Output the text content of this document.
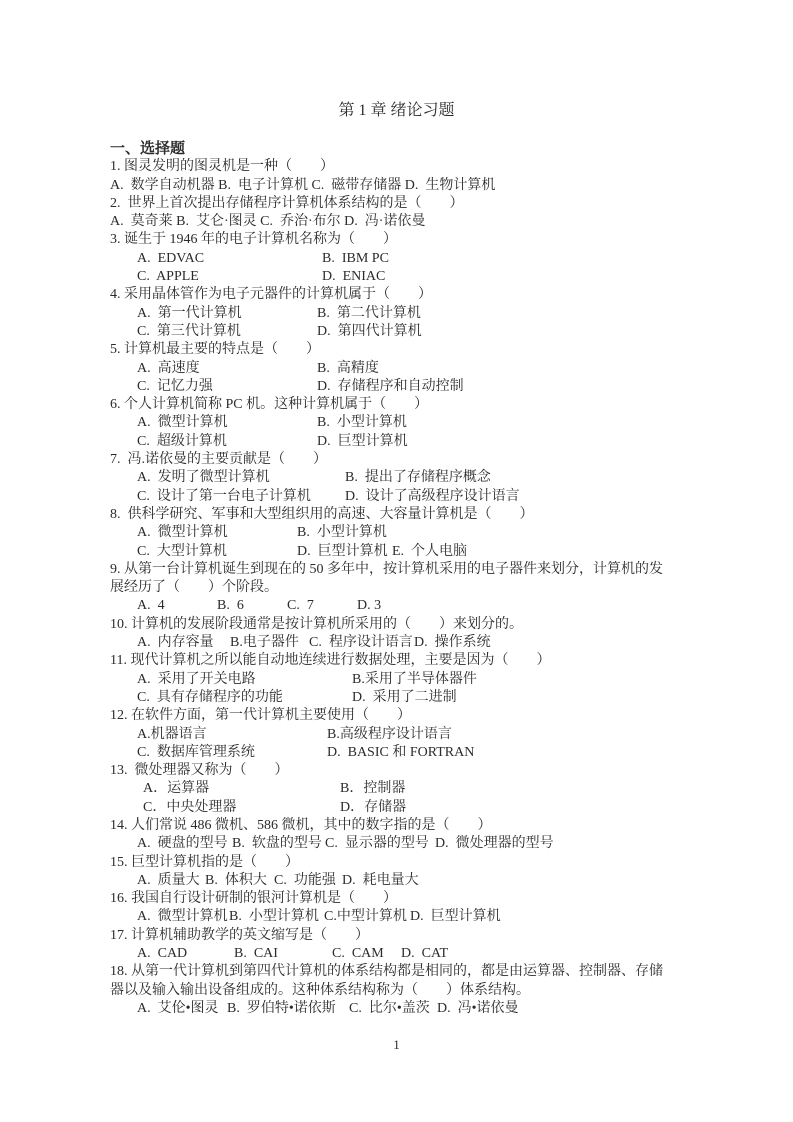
第 1 章 绪论习题
一、选择题
1. 图灵发明的图灵机是一种（　　）
A.  数学自动机器 B.  电子计算机 C.  磁带存储器 D.  生物计算机
2.  世界上首次提出存储程序计算机体系结构的是（　　）
A.  莫奇莱 B.  艾仑·图灵 C.  乔治·布尔 D.  冯·诺依曼
3. 诞生于 1946 年的电子计算机名称为（　　）
A.  EDVAC	B.  IBM PC
C.  APPLE	D.  ENIAC
4. 采用晶体管作为电子元器件的计算机属于（　　）
A.  第一代计算机	B.  第二代计算机
C.  第三代计算机	D.  第四代计算机
5. 计算机最主要的特点是（　　）
A.  高速度	B.  高精度
C.  记忆力强	D.  存储程序和自动控制
6. 个人计算机简称 PC 机。这种计算机属于（　　）
A.  微型计算机	B.  小型计算机
C.  超级计算机	D.  巨型计算机
7.  冯.诺依曼的主要贡献是（　　）
A.  发明了微型计算机	B.  提出了存储程序概念
C.  设计了第一台电子计算机 D.  设计了高级程序设计语言
8.  供科学研究、军事和大型组织用的高速、大容量计算机是（　　）
A.  微型计算机	B.  小型计算机
C.  大型计算机	D.  巨型计算机 E.  个人电脑
9. 从第一台计算机诞生到现在的 50 多年中，按计算机采用的电子器件来划分，计算机的发
展经历了（　　）个阶段。
A.  4	B.  6	C.  7	D. 3
10. 计算机的发展阶段通常是按计算机所采用的（　　）来划分的。
A.  内存容量 B.电子器件 C.  程序设计语言D.  操作系统
11. 现代计算机之所以能自动地连续进行数据处理，主要是因为（　　）
A.  采用了开关电路	B.采用了半导体器件
C.  具有存储程序的功能	D.  采用了二进制
12. 在软件方面，第一代计算机主要使用（　　）
A.机器语言	B.高级程序设计语言
C.  数据库管理系统	D.  BASIC 和 FORTRAN
13.  微处理器又称为（　　）
A．运算器	B．控制器
C．中央处理器	D．存储器
14. 人们常说 486 微机、586 微机，其中的数字指的是（　　）
A.  硬盘的型号 B.  软盘的型号 C.  显示器的型号 D.  微处理器的型号
15. 巨型计算机指的是（　　）
A.  质量大 B.  体积大 C.  功能强 D.  耗电量大
16. 我国自行设计研制的银河计算机是（　　）
A.  微型计算机B.  小型计算机 C.中型计算机 D.  巨型计算机
17. 计算机辅助教学的英文缩写是（　　）
A.  CAD	B.  CAI	C.  CAM D.  CAT
18. 从第一代计算机到第四代计算机的体系结构都是相同的，都是由运算器、控制器、存储
器以及输入输出设备组成的。这种体系结构称为（　　）体系结构。
A.  艾伦•图灵 B.  罗伯特•诺依斯 C.  比尔•盖茨 D.  冯•诺依曼
1
